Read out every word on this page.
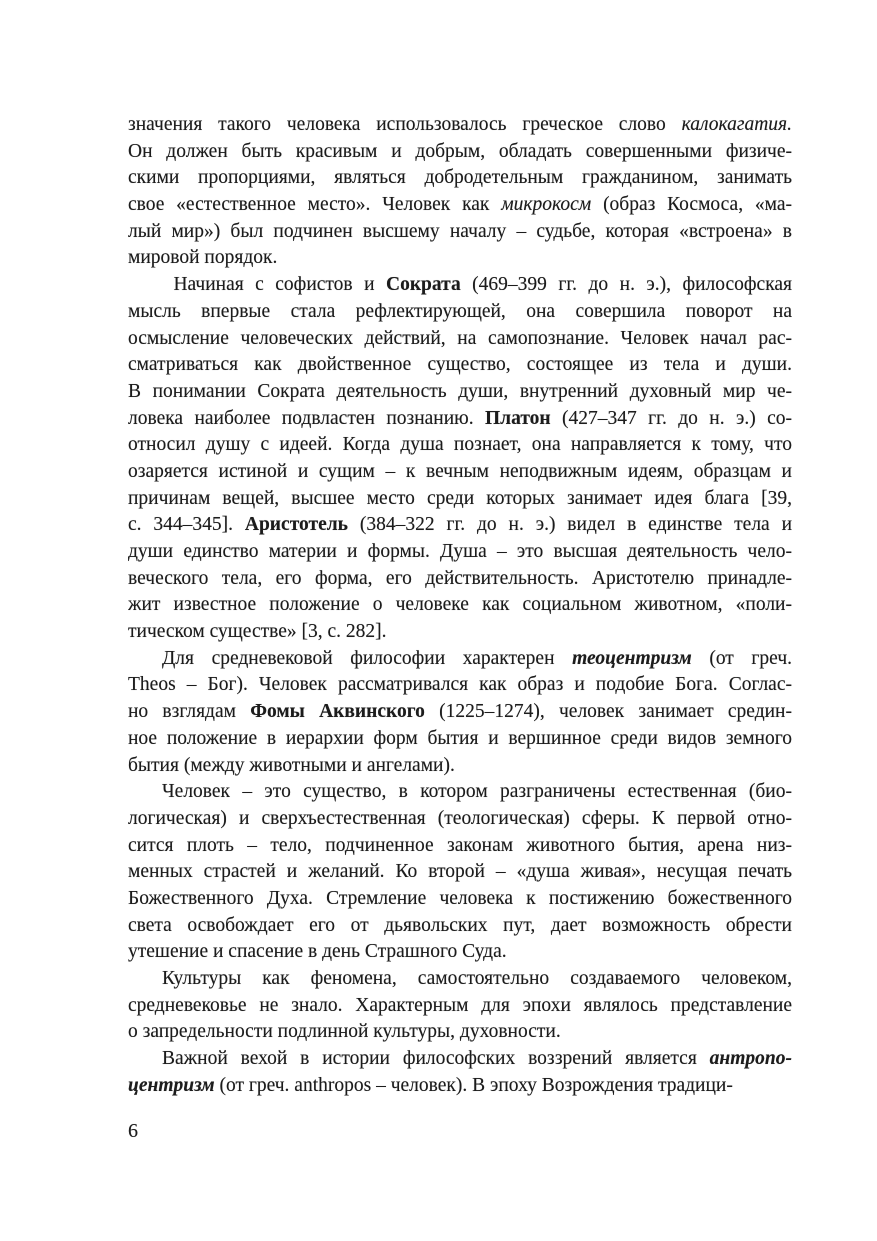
значения такого человека использовалось греческое слово калокагатия.
Он должен быть красивым и добрым, обладать совершенными физиче-
скими пропорциями, являться добродетельным гражданином, занимать
свое «естественное место». Человек как микрокосм (образ Космоса, «ма-
лый мир») был подчинен высшему началу – судьбе, которая «встроена» в
мировой порядок.
Начиная с софистов и Сократа (469–399 гг. до н. э.), философская
мысль впервые стала рефлектирующей, она совершила поворот на
осмысление человеческих действий, на самопознание. Человек начал рас-
сматриваться как двойственное существо, состоящее из тела и души.
В понимании Сократа деятельность души, внутренний духовный мир че-
ловека наиболее подвластен познанию. Платон (427–347 гг. до н. э.) со-
относил душу с идеей. Когда душа познает, она направляется к тому, что
озаряется истиной и сущим – к вечным неподвижным идеям, образцам и
причинам вещей, высшее место среди которых занимает идея блага [39,
с. 344–345]. Аристотель (384–322 гг. до н. э.) видел в единстве тела и
души единство материи и формы. Душа – это высшая деятельность чело-
веческого тела, его форма, его действительность. Аристотелю принадле-
жит известное положение о человеке как социальном животном, «поли-
тическом существе» [3, с. 282].
Для средневековой философии характерен теоцентризм (от греч.
Theos – Бог). Человек рассматривался как образ и подобие Бога. Соглас-
но взглядам Фомы Аквинского (1225–1274), человек занимает средин-
ное положение в иерархии форм бытия и вершинное среди видов земного
бытия (между животными и ангелами).
Человек – это существо, в котором разграничены естественная (био-
логическая) и сверхъестественная (теологическая) сферы. К первой отно-
сится плоть – тело, подчиненное законам животного бытия, арена низ-
менных страстей и желаний. Ко второй – «душа живая», несущая печать
Божественного Духа. Стремление человека к постижению божественного
света освобождает его от дьявольских пут, дает возможность обрести
утешение и спасение в день Страшного Суда.
Культуры как феномена, самостоятельно создаваемого человеком,
средневековье не знало. Характерным для эпохи являлось представление
о запредельности подлинной культуры, духовности.
Важной вехой в истории философских воззрений является антропо-
центризм (от греч. anthropos – человек). В эпоху Возрождения традици-
6
